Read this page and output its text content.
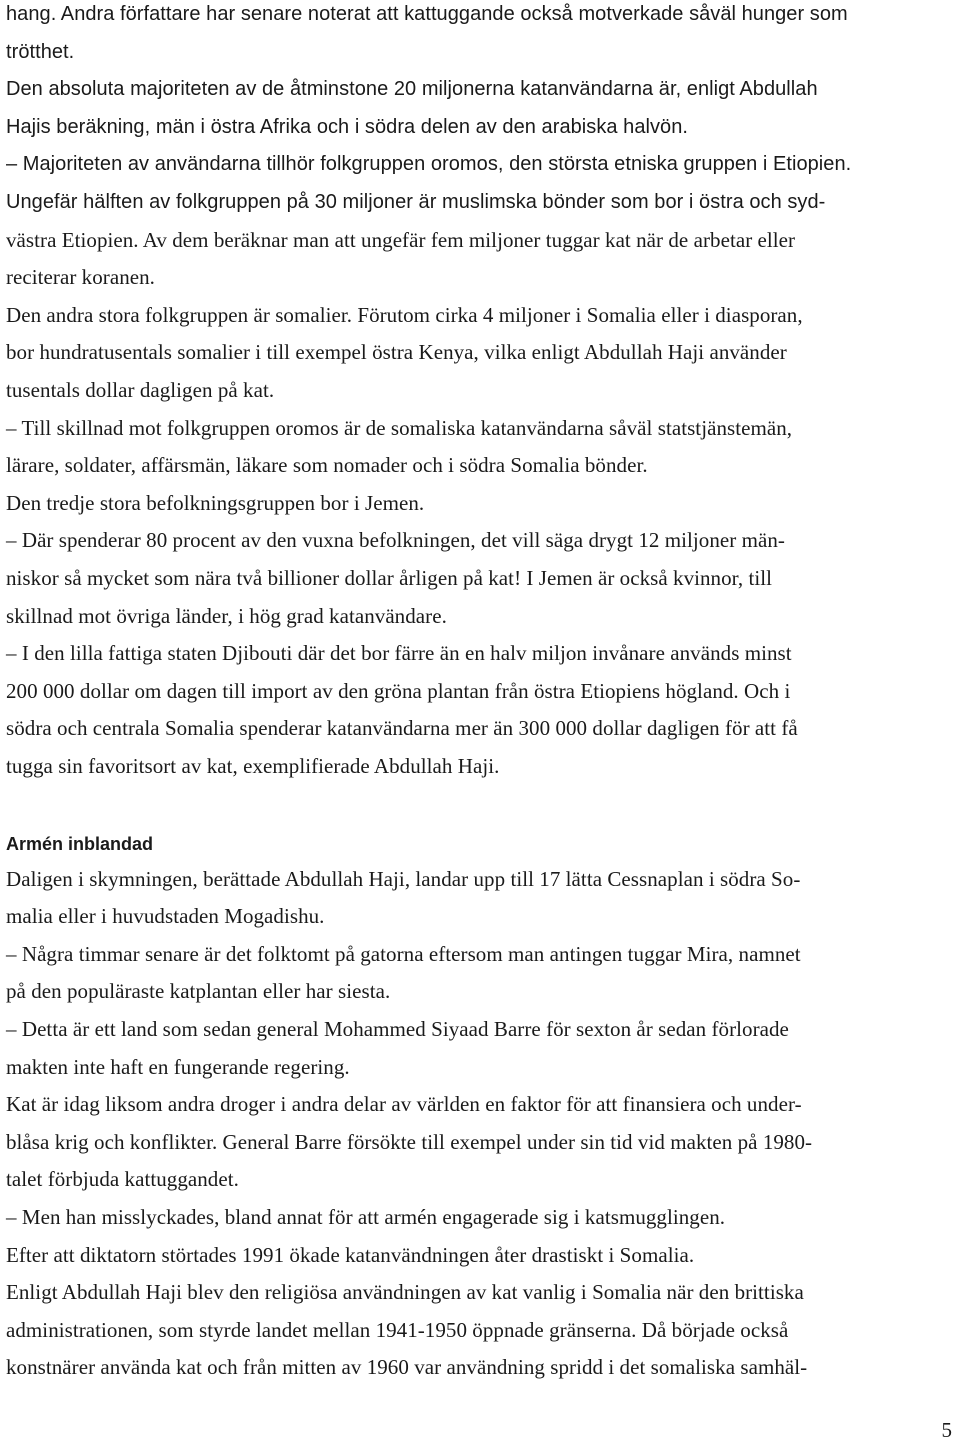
hang. Andra författare har senare noterat att kattuggande också motverkade såväl hunger som
trötthet.
Den absoluta majoriteten av de åtminstone 20 miljonerna katanvändarna är, enligt Abdullah
Hajis beräkning, män i östra Afrika och i södra delen av den arabiska halvön.
– Majoriteten av användarna tillhör folkgruppen oromos, den största etniska gruppen i Etiopien.
Ungefär hälften av folkgruppen på 30 miljoner är muslimska bönder som bor i östra och syd-
västra Etiopien. Av dem beräknar man att ungefär fem miljoner tuggar kat när de arbetar eller
reciterar koranen.
Den andra stora folkgruppen är somalier. Förutom cirka 4 miljoner i Somalia eller i diasporan,
bor hundratusentals somalier i till exempel östra Kenya, vilka enligt Abdullah Haji använder
tusentals dollar dagligen på kat.
– Till skillnad mot folkgruppen oromos är de somaliska katanvändarna såväl statstjänstemän,
lärare, soldater, affärsmän, läkare som nomader och i södra Somalia bönder.
Den tredje stora befolkningsgruppen bor i Jemen.
– Där spenderar 80 procent av den vuxna befolkningen, det vill säga drygt 12 miljoner män-
niskor så mycket som nära två billioner dollar årligen på kat! I Jemen är också kvinnor, till
skillnad mot övriga länder, i hög grad katanvändare.
– I den lilla fattiga staten Djibouti där det bor färre än en halv miljon invånare används minst
200 000 dollar om dagen till import av den gröna plantan från östra Etiopiens högland. Och i
södra och centrala Somalia spenderar katanvändarna mer än 300 000 dollar dagligen för att få
tugga sin favoritsort av kat, exemplifierade Abdullah Haji.
Armén inblandad
Daligen i skymningen, berättade Abdullah Haji, landar upp till 17 lätta Cessnaplan i södra So-
malia eller i huvudstaden Mogadishu.
– Några timmar senare är det folktomt på gatorna eftersom man antingen tuggar Mira, namnet
på den populäraste katplantan eller har siesta.
– Detta är ett land som sedan general Mohammed Siyaad Barre för sexton år sedan förlorade
makten inte haft en fungerande regering.
Kat är idag liksom andra droger i andra delar av världen en faktor för att finansiera och under-
blåsa krig och konflikter. General Barre försökte till exempel under sin tid vid makten på 1980-
talet förbjuda kattuggandet.
– Men han misslyckades, bland annat för att armén engagerade sig i katsmugglingen.
Efter att diktatorn störtades 1991 ökade katanvändningen åter drastiskt i Somalia.
Enligt Abdullah Haji blev den religiösa användningen av kat vanlig i Somalia när den brittiska
administrationen, som styrde landet mellan 1941-1950 öppnade gränserna. Då började också
konstnärer använda kat och från mitten av 1960 var användning spridd i det somaliska samhäl-
5
